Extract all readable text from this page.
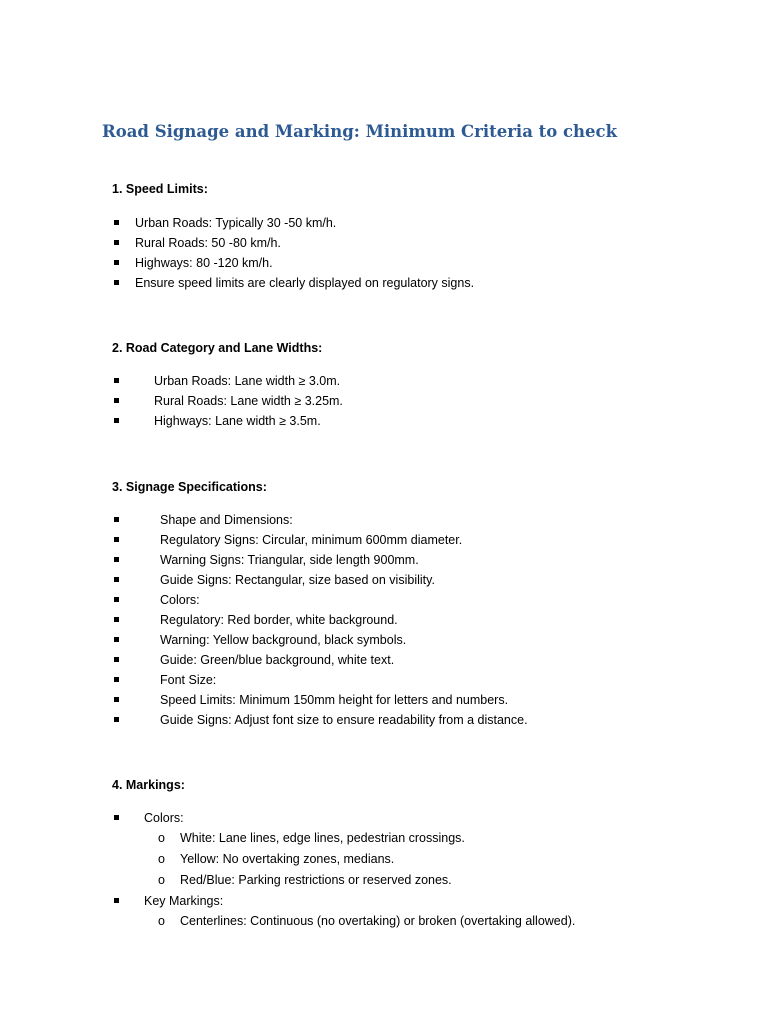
Road Signage and Marking: Minimum Criteria to check
1. Speed Limits:
Urban Roads: Typically 30 -50 km/h.
Rural Roads: 50 -80 km/h.
Highways: 80 -120 km/h.
Ensure speed limits are clearly displayed on regulatory signs.
2. Road Category and Lane Widths:
Urban Roads: Lane width ≥ 3.0m.
Rural Roads: Lane width ≥ 3.25m.
Highways: Lane width ≥ 3.5m.
3. Signage Specifications:
Shape and Dimensions:
Regulatory Signs: Circular, minimum 600mm diameter.
Warning Signs: Triangular, side length 900mm.
Guide Signs: Rectangular, size based on visibility.
Colors:
Regulatory: Red border, white background.
Warning: Yellow background, black symbols.
Guide: Green/blue background, white text.
Font Size:
Speed Limits: Minimum 150mm height for letters and numbers.
Guide Signs: Adjust font size to ensure readability from a distance.
4. Markings:
Colors:
o White: Lane lines, edge lines, pedestrian crossings.
o Yellow: No overtaking zones, medians.
o Red/Blue: Parking restrictions or reserved zones.
Key Markings:
o Centerlines: Continuous (no overtaking) or broken (overtaking allowed).
